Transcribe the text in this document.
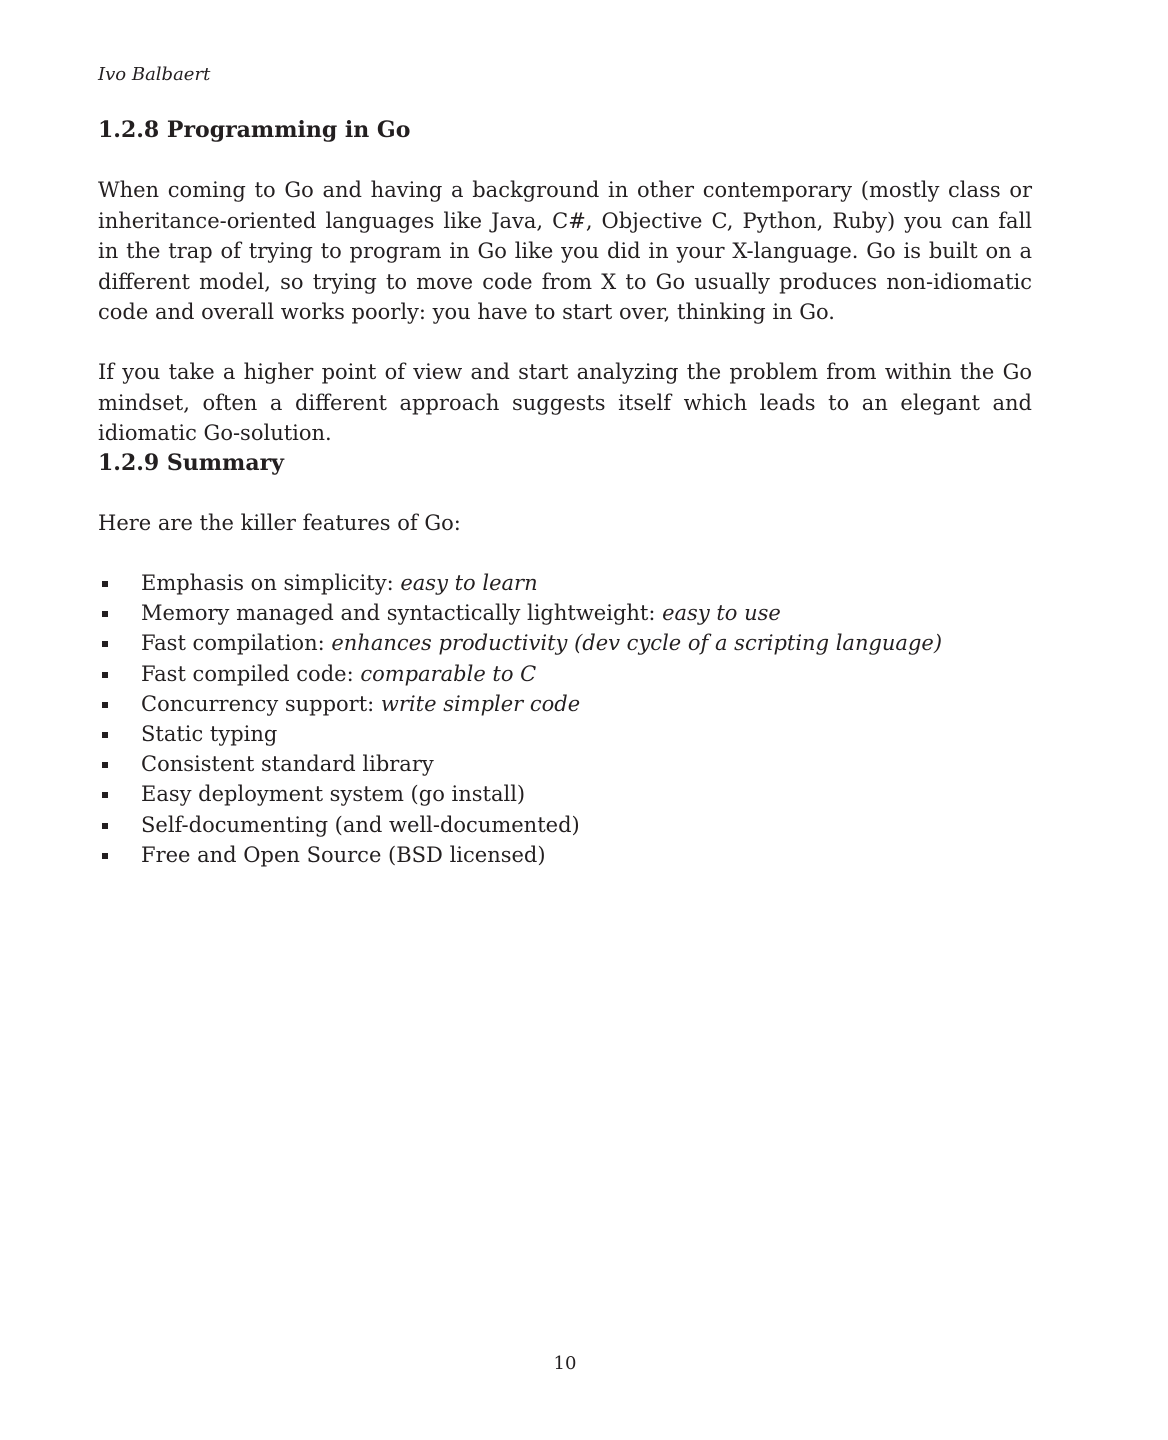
Ivo Balbaert
1.2.8 Programming in Go

When coming to Go and having a background in other contemporary (mostly class or inheritance-oriented languages like Java, C#, Objective C, Python, Ruby) you can fall in the trap of trying to program in Go like you did in your X-language. Go is built on a different model, so trying to move code from X to Go usually produces non-idiomatic code and overall works poorly: you have to start over, thinking in Go.

If you take a higher point of view and start analyzing the problem from within the Go mindset, often a different approach suggests itself which leads to an elegant and idiomatic Go-solution.

1.2.9 Summary

Here are the killer features of Go:

Emphasis on simplicity: easy to learn
Memory managed and syntactically lightweight: easy to use
Fast compilation: enhances productivity (dev cycle of a scripting language)
Fast compiled code: comparable to C
Concurrency support: write simpler code
Static typing
Consistent standard library
Easy deployment system (go install)
Self-documenting (and well-documented)
Free and Open Source (BSD licensed)
10
